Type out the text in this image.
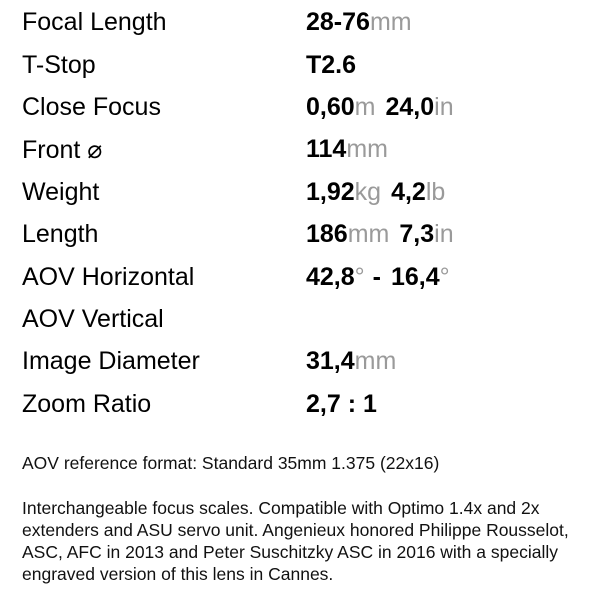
Focal Length	28-76mm
T-Stop	T2.6
Close Focus	0,60m 24,0in
Front ⌀	114mm
Weight	1,92kg 4,2lb
Length	186mm 7,3in
AOV Horizontal	42,8° - 16,4°
AOV Vertical
Image Diameter	31,4mm
Zoom Ratio	2,7 : 1
AOV reference format: Standard 35mm 1.375 (22x16)
Interchangeable focus scales. Compatible with Optimo 1.4x and 2x extenders and ASU servo unit. Angenieux honored Philippe Rousselot, ASC, AFC in 2013 and Peter Suschitzky ASC in 2016 with a specially engraved version of this lens in Cannes.
